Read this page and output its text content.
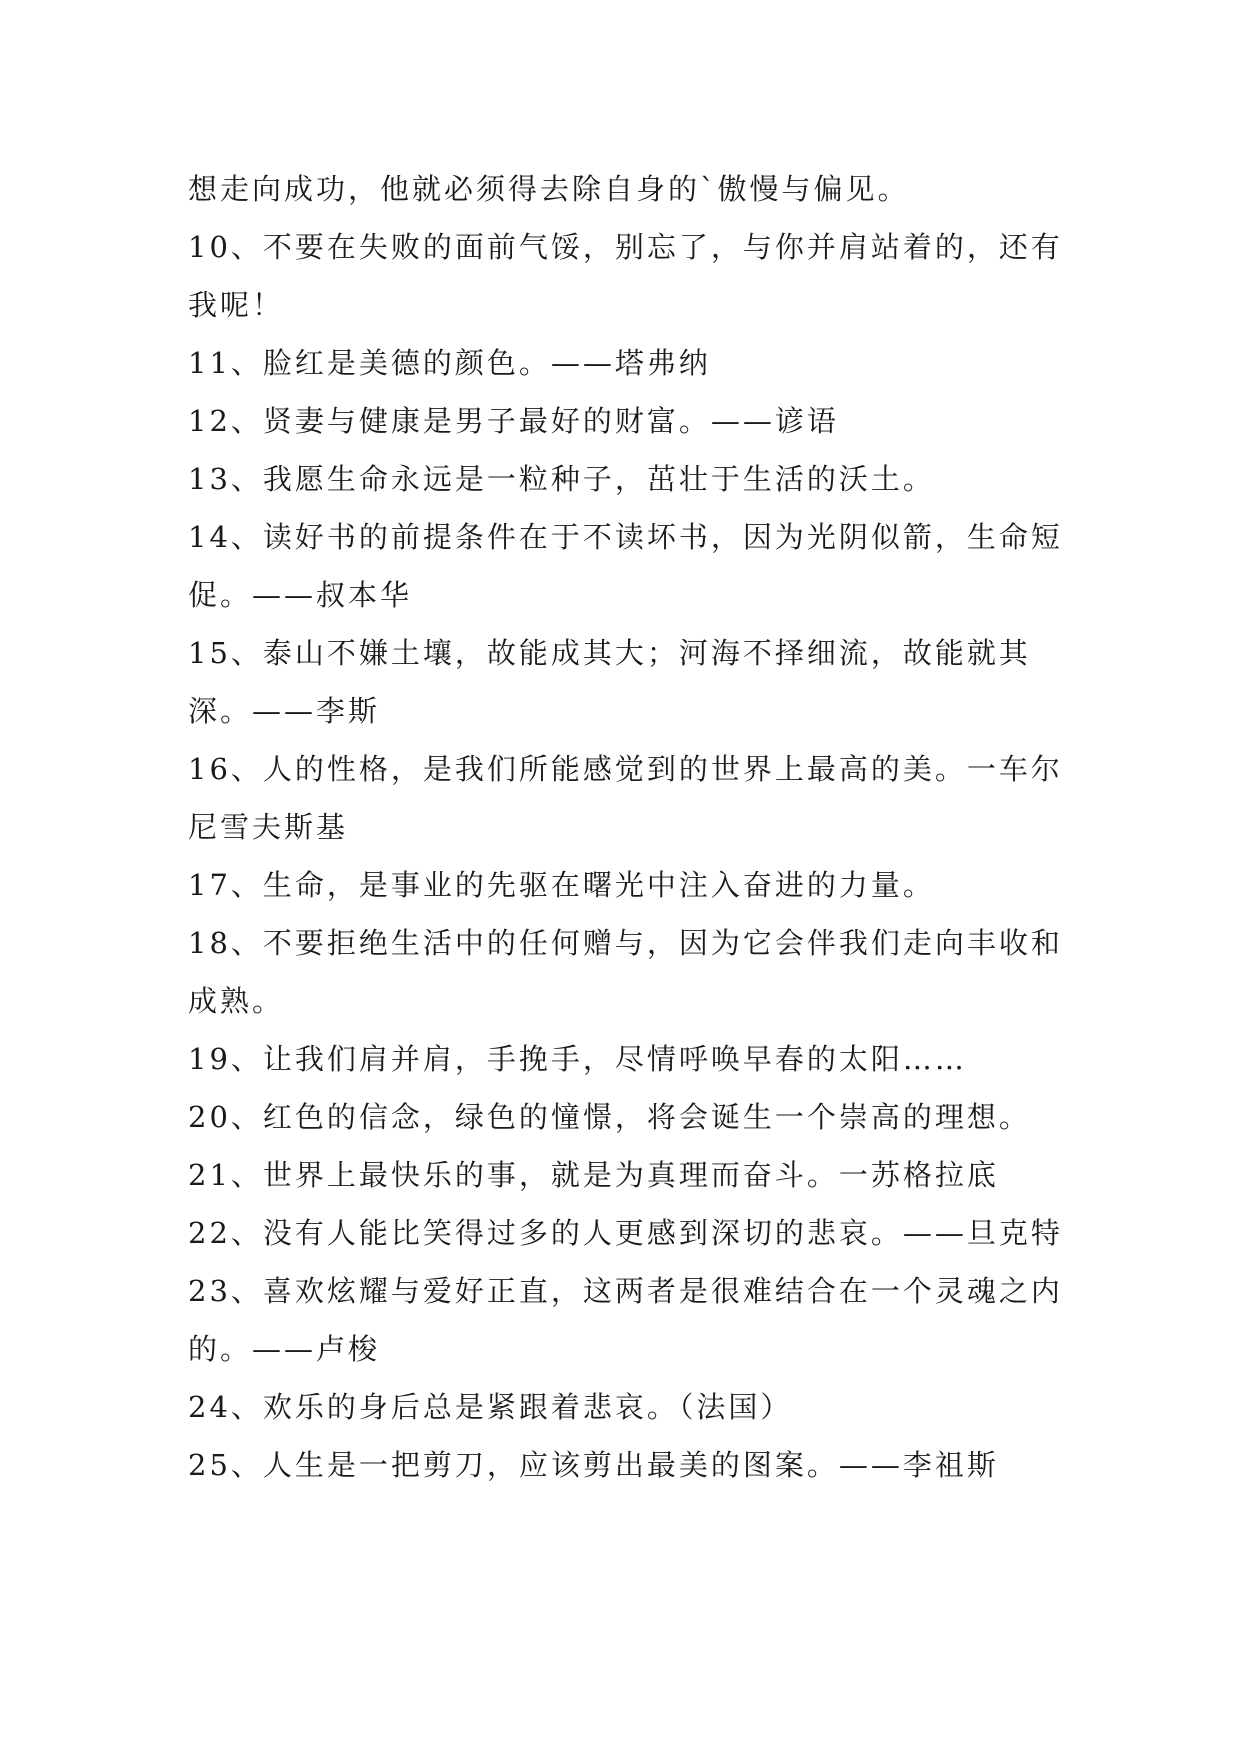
想走向成功，他就必须得去除自身的`傲慢与偏见。

10、不要在失败的面前气馁，别忘了，与你并肩站着的，还有我呢！

11、脸红是美德的颜色。——塔弗纳

12、贤妻与健康是男子最好的财富。——谚语

13、我愿生命永远是一粒种子，茁壮于生活的沃土。

14、读好书的前提条件在于不读坏书，因为光阴似箭，生命短促。——叔本华

15、泰山不嫌土壤，故能成其大；河海不择细流，故能就其深。——李斯

16、人的性格，是我们所能感觉到的世界上最高的美。一车尔尼雪夫斯基

17、生命，是事业的先驱在曙光中注入奋进的力量。

18、不要拒绝生活中的任何赠与，因为它会伴我们走向丰收和成熟。

19、让我们肩并肩，手挽手，尽情呼唤早春的太阳……

20、红色的信念，绿色的憧憬，将会诞生一个崇高的理想。

21、世界上最快乐的事，就是为真理而奋斗。一苏格拉底

22、没有人能比笑得过多的人更感到深切的悲哀。——旦克特

23、喜欢炫耀与爱好正直，这两者是很难结合在一个灵魂之内的。——卢梭

24、欢乐的身后总是紧跟着悲哀。（法国）

25、人生是一把剪刀，应该剪出最美的图案。——李祖斯
